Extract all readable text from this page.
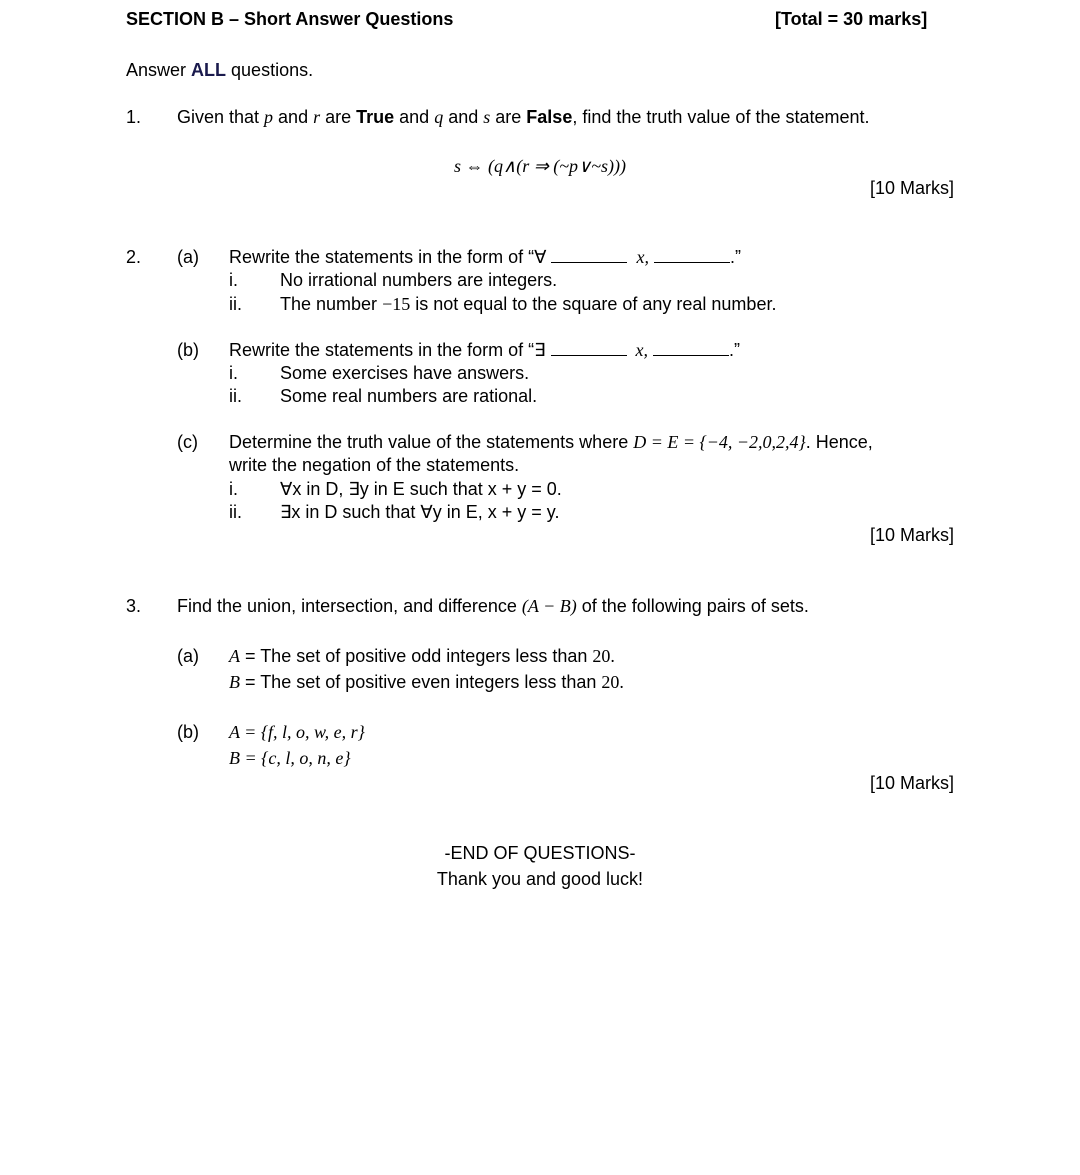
SECTION B – Short Answer Questions	[Total = 30 marks]
Answer ALL questions.
1. Given that p and r are True and q and s are False, find the truth value of the statement.
s ⇔ (q∧(r ⇒ (~p∨~s)))
[10 Marks]
2. (a) Rewrite the statements in the form of “∀	x,	.”
i. No irrational numbers are integers.
ii. The number −15 is not equal to the square of any real number.
(b) Rewrite the statements in the form of “∃	x,	.”
i. Some exercises have answers.
ii. Some real numbers are rational.
(c) Determine the truth value of the statements where D = E = {−4, −2,0,2,4}. Hence,
write the negation of the statements.
i. ∀x in D, ∃y in E such that x + y = 0.
ii. ∃x in D such that ∀y in E, x + y = y.
[10 Marks]
3. Find the union, intersection, and difference (A − B) of the following pairs of sets.
(a) A = The set of positive odd integers less than 20.
B = The set of positive even integers less than 20.
(b) A = {f, l, o, w, e, r}
B = {c, l, o, n, e}
[10 Marks]
-END OF QUESTIONS-
Thank you and good luck!
